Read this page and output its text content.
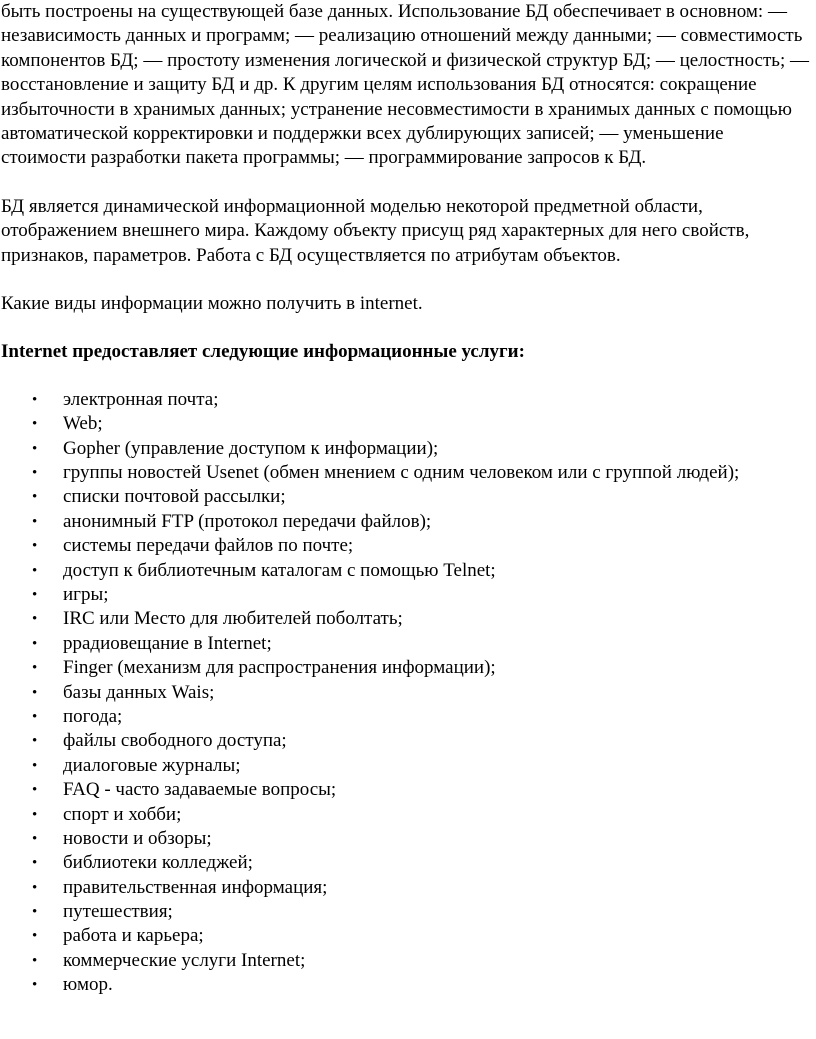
быть построены на существующей базе данных. Использование БД обеспечивает в основном: — независимость данных и программ; — реализацию отношений между данными; — совместимость компонентов БД; — простоту изменения логической и физической структур БД; — целостность; — восстановление и защиту БД и др. К другим целям использования БД относятся: сокращение избыточности в хранимых данных; устранение несовместимости в хранимых данных с помощью автоматической корректировки и поддержки всех дублирующих записей; — уменьшение стоимости разработки пакета программы; — программирование запросов к БД.

БД является динамической информационной моделью некоторой предметной области, отображением внешнего мира. Каждому объекту присущ ряд характерных для него свойств, признаков, параметров. Работа с БД осуществляется по атрибутам объектов.

Какие виды информации можно получить в internet.

Internet предоставляет следующие информационные услуги:

• электронная почта;
• Web;
• Gopher (управление доступом к информации);
• группы новостей Usenet (обмен мнением с одним человеком или с группой людей);
• списки почтовой рассылки;
• анонимный FTP (протокол передачи файлов);
• системы передачи файлов по почте;
• доступ к библиотечным каталогам с помощью Telnet;
• игры;
• IRC или Место для любителей поболтать;
• ррадиовещание в Internet;
• Finger (механизм для распространения информации);
• базы данных Wais;
• погода;
• файлы свободного доступа;
• диалоговые журналы;
• FAQ - часто задаваемые вопросы;
• спорт и хобби;
• новости и обзоры;
• библиотеки колледжей;
• правительственная информация;
• путешествия;
• работа и карьера;
• коммерческие услуги Internet;
• юмор.
